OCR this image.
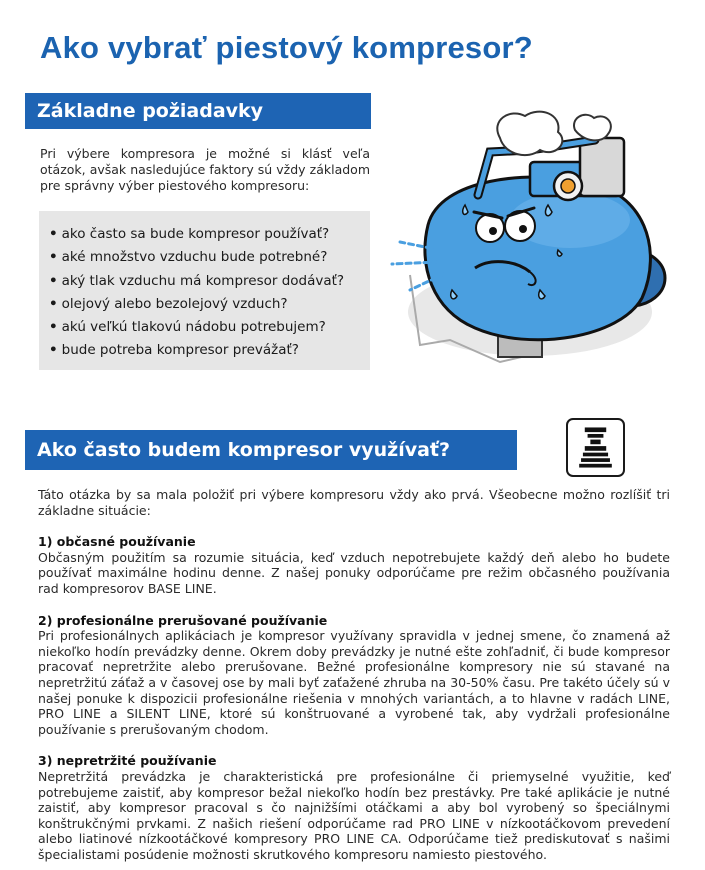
Ako vybrať piestový kompresor?
Základne požiadavky

Pri výbere kompresora je možné si klásť veľa otázok, avšak nasledujúce faktory sú vždy základom pre správny výber piestového kompresoru:

• ako často sa bude kompresor používať?
• aké množstvo vzduchu bude potrebné?
• aký tlak vzduchu má kompresor dodávať?
• olejový alebo bezolejový vzduch?
• akú veľkú tlakovú nádobu potrebujem?
• bude potreba kompresor prevážať?
Ako často budem kompresor využívať?

Táto otázka by sa mala položiť pri výbere kompresoru vždy ako prvá. Všeobecne možno rozlíšiť tri základne situácie:

1) občasné používanie

Občasným použitím sa rozumie situácia, keď vzduch nepotrebujete každý deň alebo ho budete používať maximálne hodinu denne. Z našej ponuky odporúčame pre režim občasného používania rad kompresorov BASE LINE.

2) profesionálne prerušované používanie

Pri profesionálnych aplikáciach je kompresor využívany spravidla v jednej smene, čo znamená až niekoľko hodín prevádzky denne. Okrem doby prevádzky je nutné ešte zohľadniť, či bude kompresor pracovať nepretržite alebo prerušovane. Bežné profesionálne kompresory nie sú stavané na nepretržitú záťaž a v časovej ose by mali byť zaťažené zhruba na 30-50% času. Pre takéto účely sú v našej ponuke k dispozicii profesionálne riešenia v mnohých variantách, a to hlavne v radách LINE, PRO LINE a SILENT LINE, ktoré sú konštruované a vyrobené tak, aby vydržali profesionálne používanie s prerušovaným chodom.

3) nepretržité používanie

Nepretržitá prevádzka je charakteristická pre profesionálne či priemyselné využitie, keď potrebujeme zaistiť, aby kompresor bežal niekoľko hodín bez prestávky. Pre také aplikácie je nutné zaistiť, aby kompresor pracoval s čo najnižšími otáčkami a aby bol vyrobený so špeciálnymi konštrukčnými prvkami. Z našich riešení odporúčame rad PRO LINE v nízkootáčkovom prevedení alebo liatinové nízkootáčkové kompresory PRO LINE CA. Odporúčame tiež prediskutovať s našimi špecialistami posúdenie možnosti skrutkového kompresoru namiesto piestového.
